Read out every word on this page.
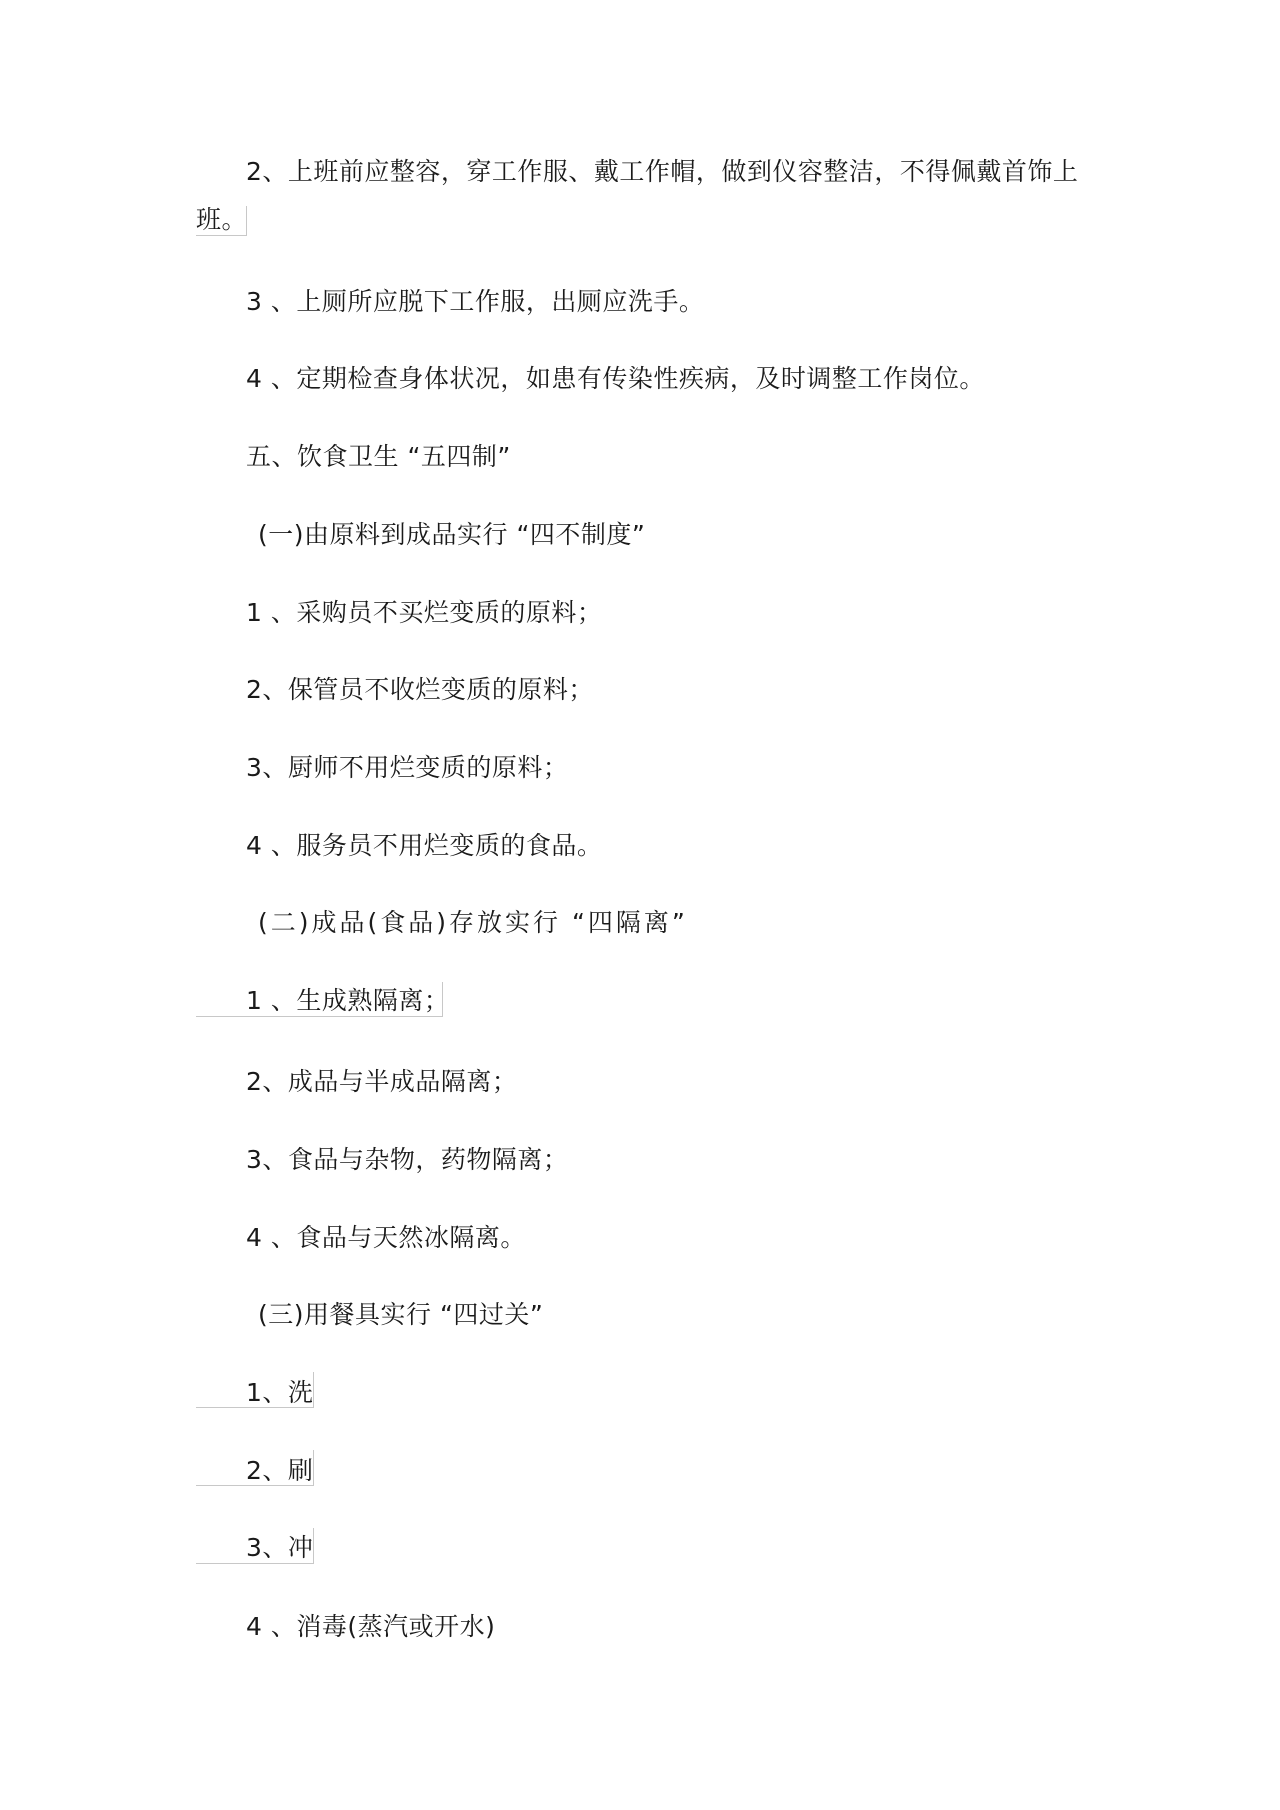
2、上班前应整容，穿工作服、戴工作帽，做到仪容整洁，不得佩戴首饰上
班。
3 、上厕所应脱下工作服，出厕应洗手。
4 、定期检查身体状况，如患有传染性疾病，及时调整工作岗位。
五、饮食卫生 “五四制”
(一)由原料到成品实行 “四不制度”
1 、采购员不买烂变质的原料；
2、保管员不收烂变质的原料；
3、厨师不用烂变质的原料；
4 、服务员不用烂变质的食品。
(二)成品(食品)存放实行 “四隔离”
1 、生成熟隔离；
2、成品与半成品隔离；
3、食品与杂物，药物隔离；
4 、食品与天然冰隔离。
(三)用餐具实行 “四过关”
1、洗
2、刷
3、冲
4 、消毒(蒸汽或开水)
